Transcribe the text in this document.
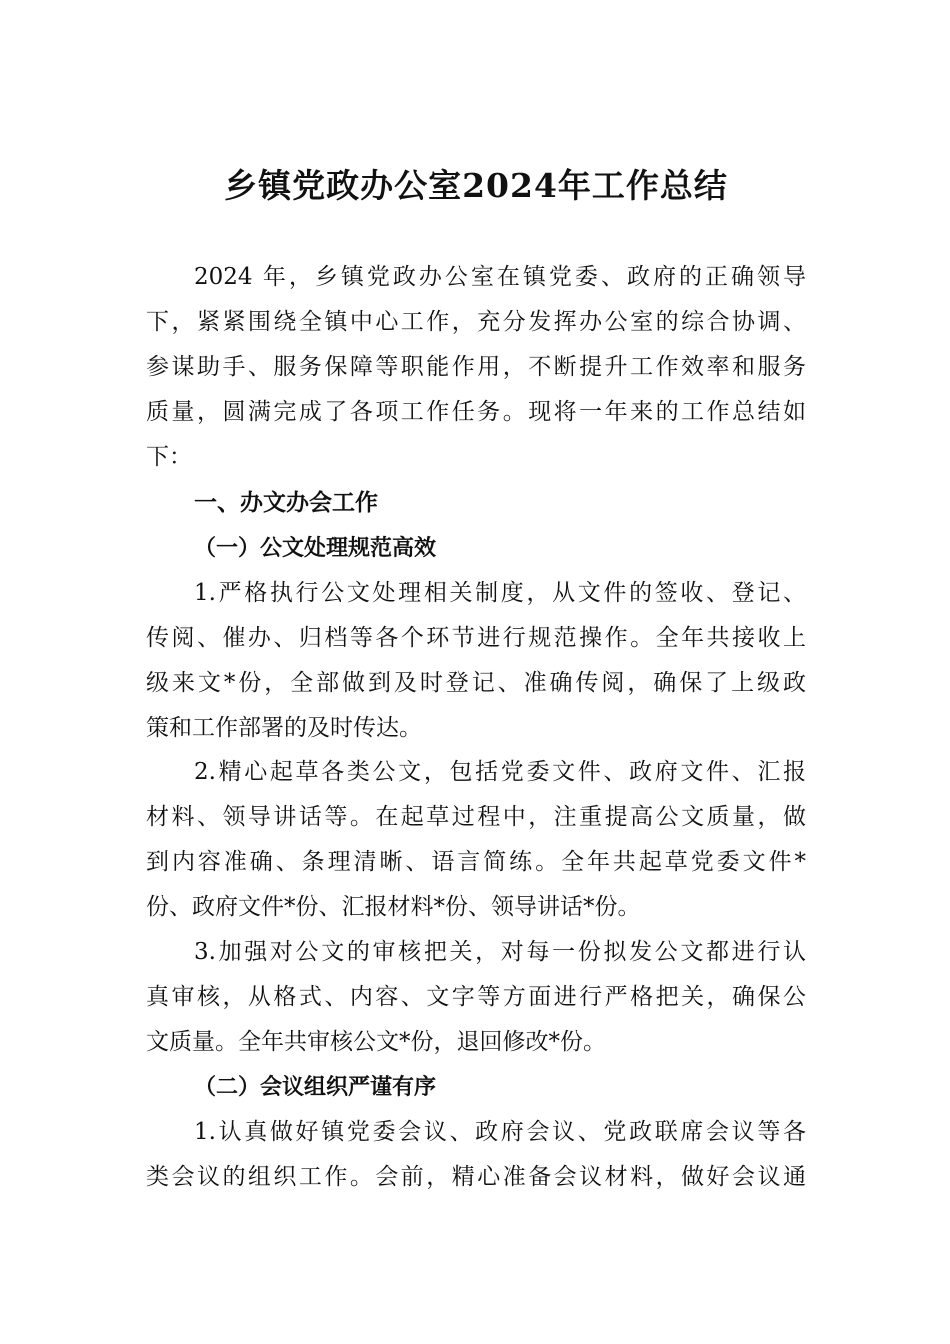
乡镇党政办公室2024年工作总结
2024 年，乡镇党政办公室在镇党委、政府的正确领导
下，紧紧围绕全镇中心工作，充分发挥办公室的综合协调、
参谋助手、服务保障等职能作用，不断提升工作效率和服务
质量，圆满完成了各项工作任务。现将一年来的工作总结如
下：
一、办文办会工作
（一）公文处理规范高效
1.严格执行公文处理相关制度，从文件的签收、登记、
传阅、催办、归档等各个环节进行规范操作。全年共接收上
级来文*份，全部做到及时登记、准确传阅，确保了上级政
策和工作部署的及时传达。
2.精心起草各类公文，包括党委文件、政府文件、汇报
材料、领导讲话等。在起草过程中，注重提高公文质量，做
到内容准确、条理清晰、语言简练。全年共起草党委文件*
份、政府文件*份、汇报材料*份、领导讲话*份。
3.加强对公文的审核把关，对每一份拟发公文都进行认
真审核，从格式、内容、文字等方面进行严格把关，确保公
文质量。全年共审核公文*份，退回修改*份。
（二）会议组织严谨有序
1.认真做好镇党委会议、政府会议、党政联席会议等各
类会议的组织工作。会前，精心准备会议材料，做好会议通
